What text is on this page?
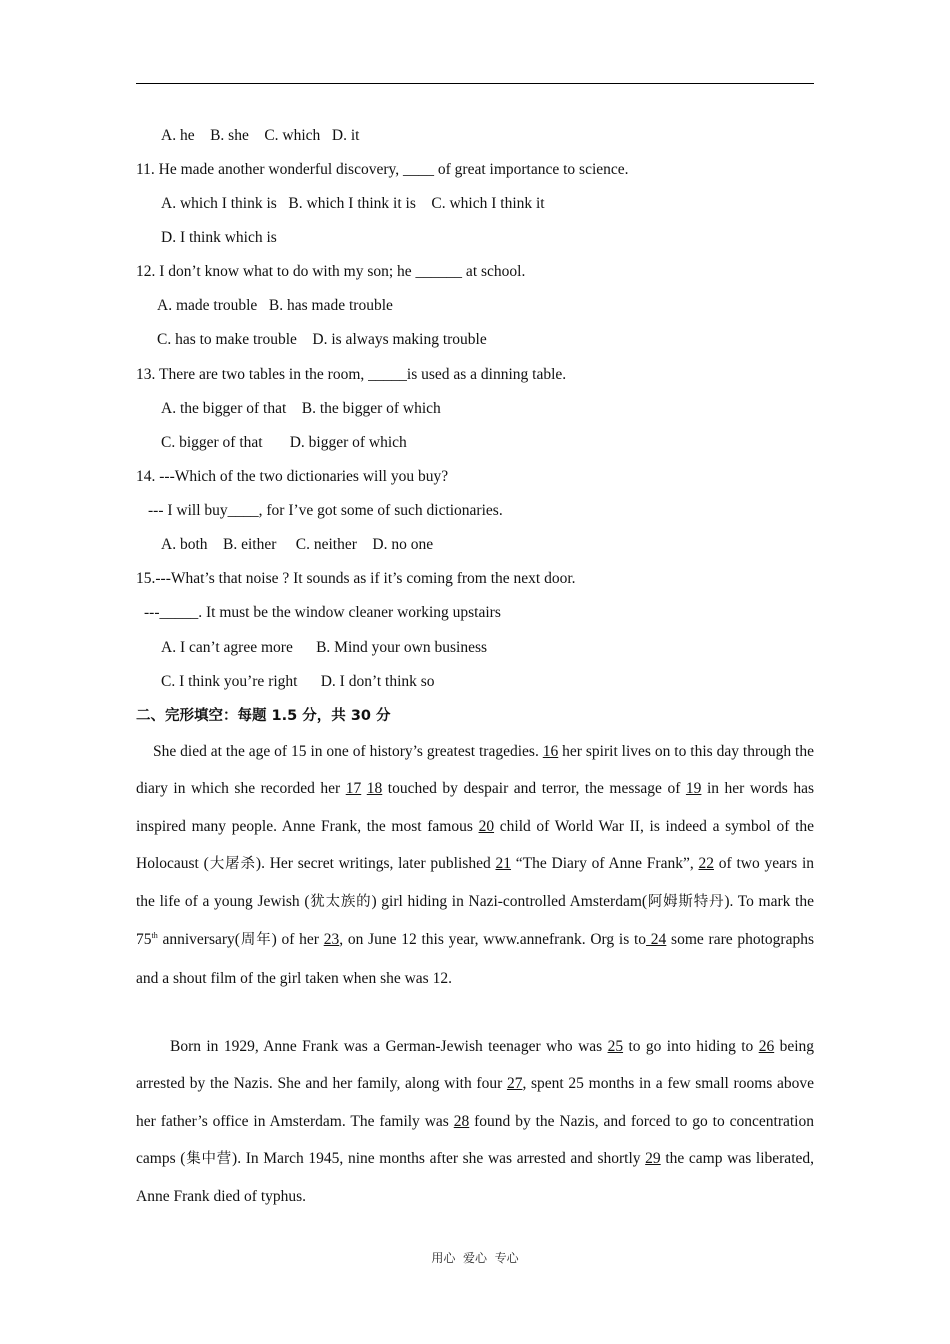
A. he    B. she    C. which   D. it
11. He made another wonderful discovery, ____ of great importance to science.
A. which I think is   B. which I think it is    C. which I think it
D. I think which is
12. I don’t know what to do with my son; he ______ at school.
A. made trouble   B. has made trouble
C. has to make trouble    D. is always making trouble
13. There are two tables in the room, _____is used as a dinning table.
A. the bigger of that    B. the bigger of which
C. bigger of that       D. bigger of which
14. ---Which of the two dictionaries will you buy?
--- I will buy____, for I’ve got some of such dictionaries.
A. both    B. either     C. neither    D. no one
15.---What’s that noise ? It sounds as if it’s coming from the next door.
---_____. It must be the window cleaner working upstairs
A. I can’t agree more      B. Mind your own business
C. I think you’re right      D. I don’t think so
二、完形填空：每题 1.5 分，共 30 分
She died at the age of 15 in one of history’s greatest tragedies. 16 her spirit lives on to this day through the diary in which she recorded her 17 18 touched by despair and terror, the message of 19 in her words has inspired many people. Anne Frank, the most famous 20 child of World War II, is indeed a symbol of the Holocaust (大屠杀). Her secret writings, later published 21 “The Diary of Anne Frank”, 22 of two years in the life of a young Jewish (犹太族的) girl hiding in Nazi-controlled Amsterdam(阿姆斯特丹). To mark the 75th anniversary(周年) of her 23, on June 12 this year, www.annefrank. Org is to 24 some rare photographs and a shout film of the girl taken when she was 12.
Born in 1929, Anne Frank was a German-Jewish teenager who was 25 to go into hiding to 26 being arrested by the Nazis. She and her family, along with four 27, spent 25 months in a few small rooms above her father’s office in Amsterdam. The family was 28 found by the Nazis, and forced to go to concentration camps (集中营). In March 1945, nine months after she was arrested and shortly 29 the camp was liberated, Anne Frank died of typhus.
用心  爱心  专心
